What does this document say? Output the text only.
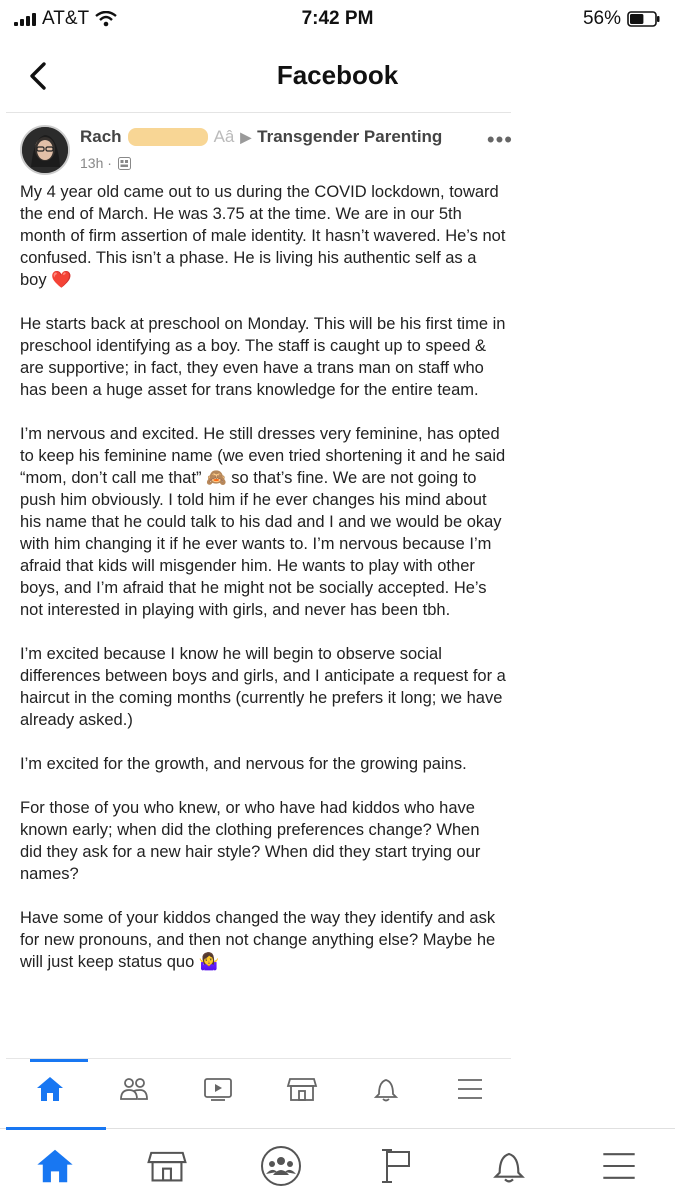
AT&T	7:42 PM	56%
Facebook
Rach	Aâ ▶ Transgender Parenting
13h ·
•••

My 4 year old came out to us during the COVID lockdown, toward the end of March. He was 3.75 at the time. We are in our 5th month of firm assertion of male identity. It hasn’t wavered. He’s not confused. This isn’t a phase. He is living his authentic self as a boy ❤️

He starts back at preschool on Monday. This will be his first time in preschool identifying as a boy. The staff is caught up to speed & are supportive; in fact, they even have a trans man on staff who has been a huge asset for trans knowledge for the entire team.

I’m nervous and excited. He still dresses very feminine, has opted to keep his feminine name (we even tried shortening it and he said “mom, don’t call me that” 🙈 so that’s fine. We are not going to push him obviously. I told him if he ever changes his mind about his name that he could talk to his dad and I and we would be okay with him changing it if he ever wants to. I’m nervous because I’m afraid that kids will misgender him. He wants to play with other boys, and I’m afraid that he might not be socially accepted. He’s not interested in playing with girls, and never has been tbh.

I’m excited because I know he will begin to observe social differences between boys and girls, and I anticipate a request for a haircut in the coming months (currently he prefers it long; we have already asked.)

I’m excited for the growth, and nervous for the growing pains.

For those of you who knew, or who have had kiddos who have known early; when did the clothing preferences change? When did they ask for a new hair style? When did they start trying our names?

Have some of your kiddos changed the way they identify and ask for new pronouns, and then not change anything else? Maybe he will just keep status quo 🤷‍♀️
